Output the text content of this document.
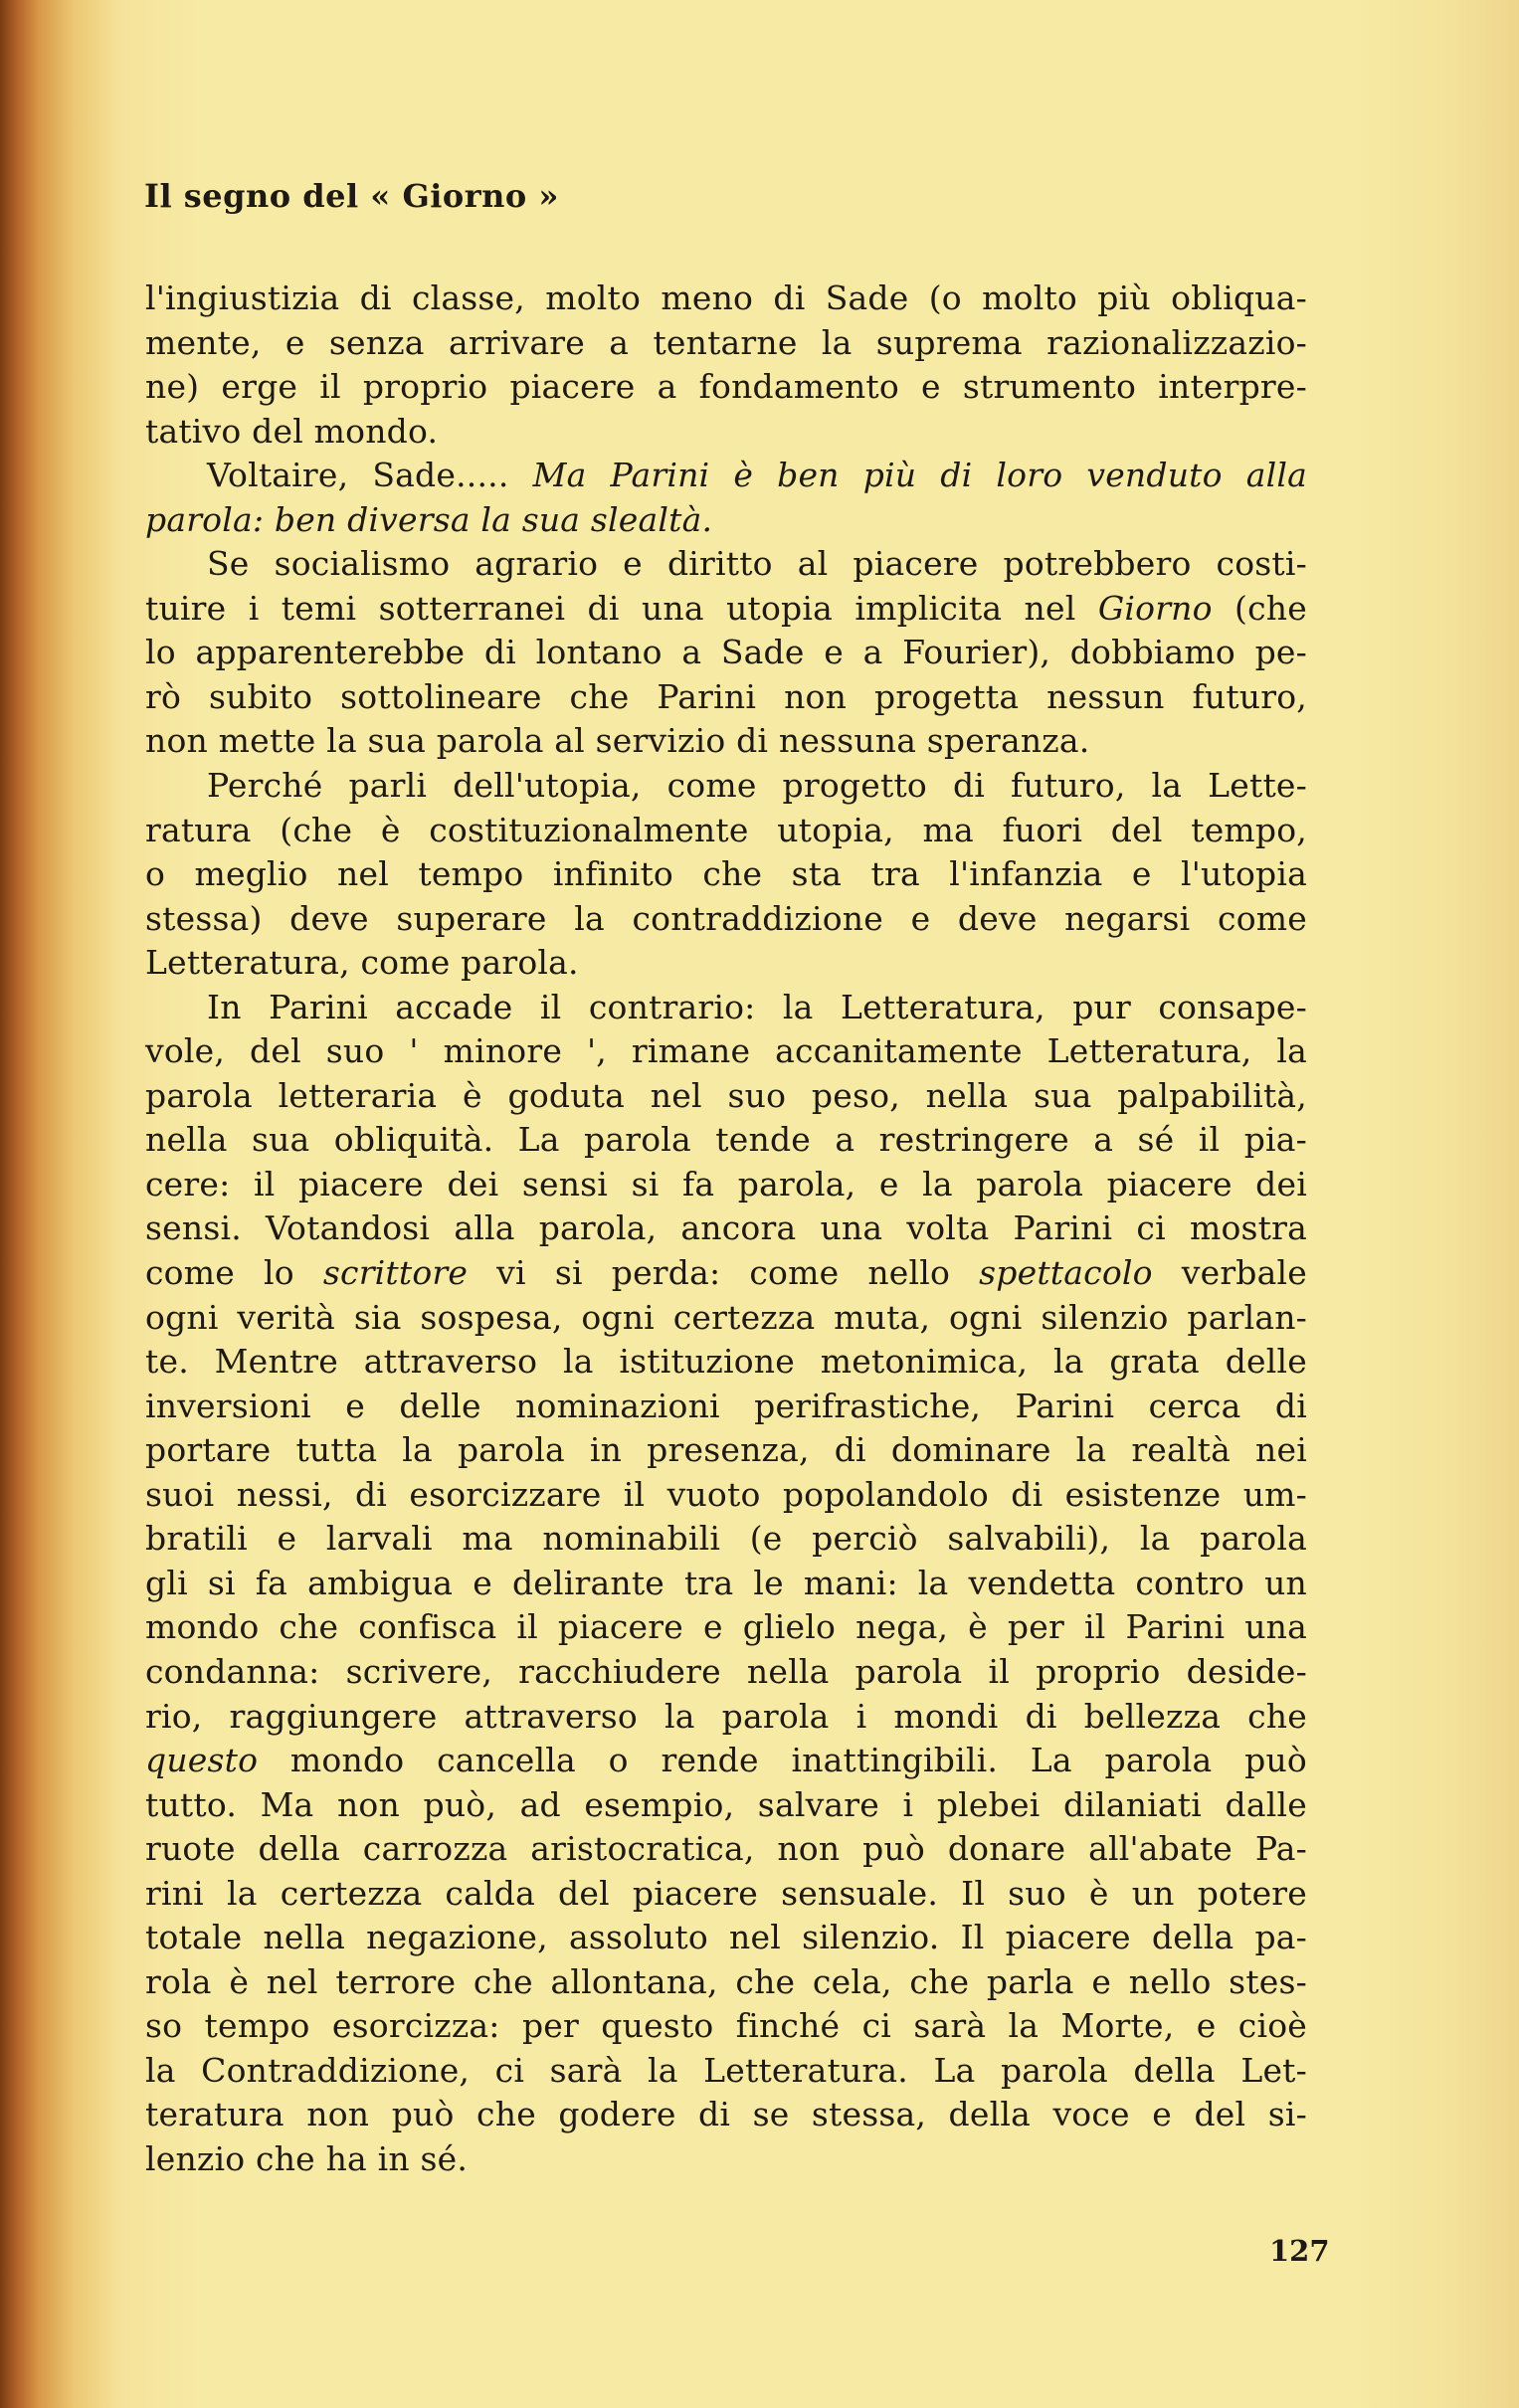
Il segno del « Giorno »
l'ingiustizia di classe, molto meno di Sade (o molto più obliqua-
mente, e senza arrivare a tentarne la suprema razionalizzazio-
ne) erge il proprio piacere a fondamento e strumento interpre-
tativo del mondo.
Voltaire, Sade..... Ma Parini è ben più di loro venduto alla
parola: ben diversa la sua slealtà.
Se socialismo agrario e diritto al piacere potrebbero costi-
tuire i temi sotterranei di una utopia implicita nel Giorno (che
lo apparenterebbe di lontano a Sade e a Fourier), dobbiamo pe-
rò subito sottolineare che Parini non progetta nessun futuro,
non mette la sua parola al servizio di nessuna speranza.
Perché parli dell'utopia, come progetto di futuro, la Lette-
ratura (che è costituzionalmente utopia, ma fuori del tempo,
o meglio nel tempo infinito che sta tra l'infanzia e l'utopia
stessa) deve superare la contraddizione e deve negarsi come
Letteratura, come parola.
In Parini accade il contrario: la Letteratura, pur consape-
vole, del suo ' minore ', rimane accanitamente Letteratura, la
parola letteraria è goduta nel suo peso, nella sua palpabilità,
nella sua obliquità. La parola tende a restringere a sé il pia-
cere: il piacere dei sensi si fa parola, e la parola piacere dei
sensi. Votandosi alla parola, ancora una volta Parini ci mostra
come lo scrittore vi si perda: come nello spettacolo verbale
ogni verità sia sospesa, ogni certezza muta, ogni silenzio parlan-
te. Mentre attraverso la istituzione metonimica, la grata delle
inversioni e delle nominazioni perifrastiche, Parini cerca di
portare tutta la parola in presenza, di dominare la realtà nei
suoi nessi, di esorcizzare il vuoto popolandolo di esistenze um-
bratili e larvali ma nominabili (e perciò salvabili), la parola
gli si fa ambigua e delirante tra le mani: la vendetta contro un
mondo che confisca il piacere e glielo nega, è per il Parini una
condanna: scrivere, racchiudere nella parola il proprio deside-
rio, raggiungere attraverso la parola i mondi di bellezza che
questo mondo cancella o rende inattingibili. La parola può
tutto. Ma non può, ad esempio, salvare i plebei dilaniati dalle
ruote della carrozza aristocratica, non può donare all'abate Pa-
rini la certezza calda del piacere sensuale. Il suo è un potere
totale nella negazione, assoluto nel silenzio. Il piacere della pa-
rola è nel terrore che allontana, che cela, che parla e nello stes-
so tempo esorcizza: per questo finché ci sarà la Morte, e cioè
la Contraddizione, ci sarà la Letteratura. La parola della Let-
teratura non può che godere di se stessa, della voce e del si-
lenzio che ha in sé.
127
